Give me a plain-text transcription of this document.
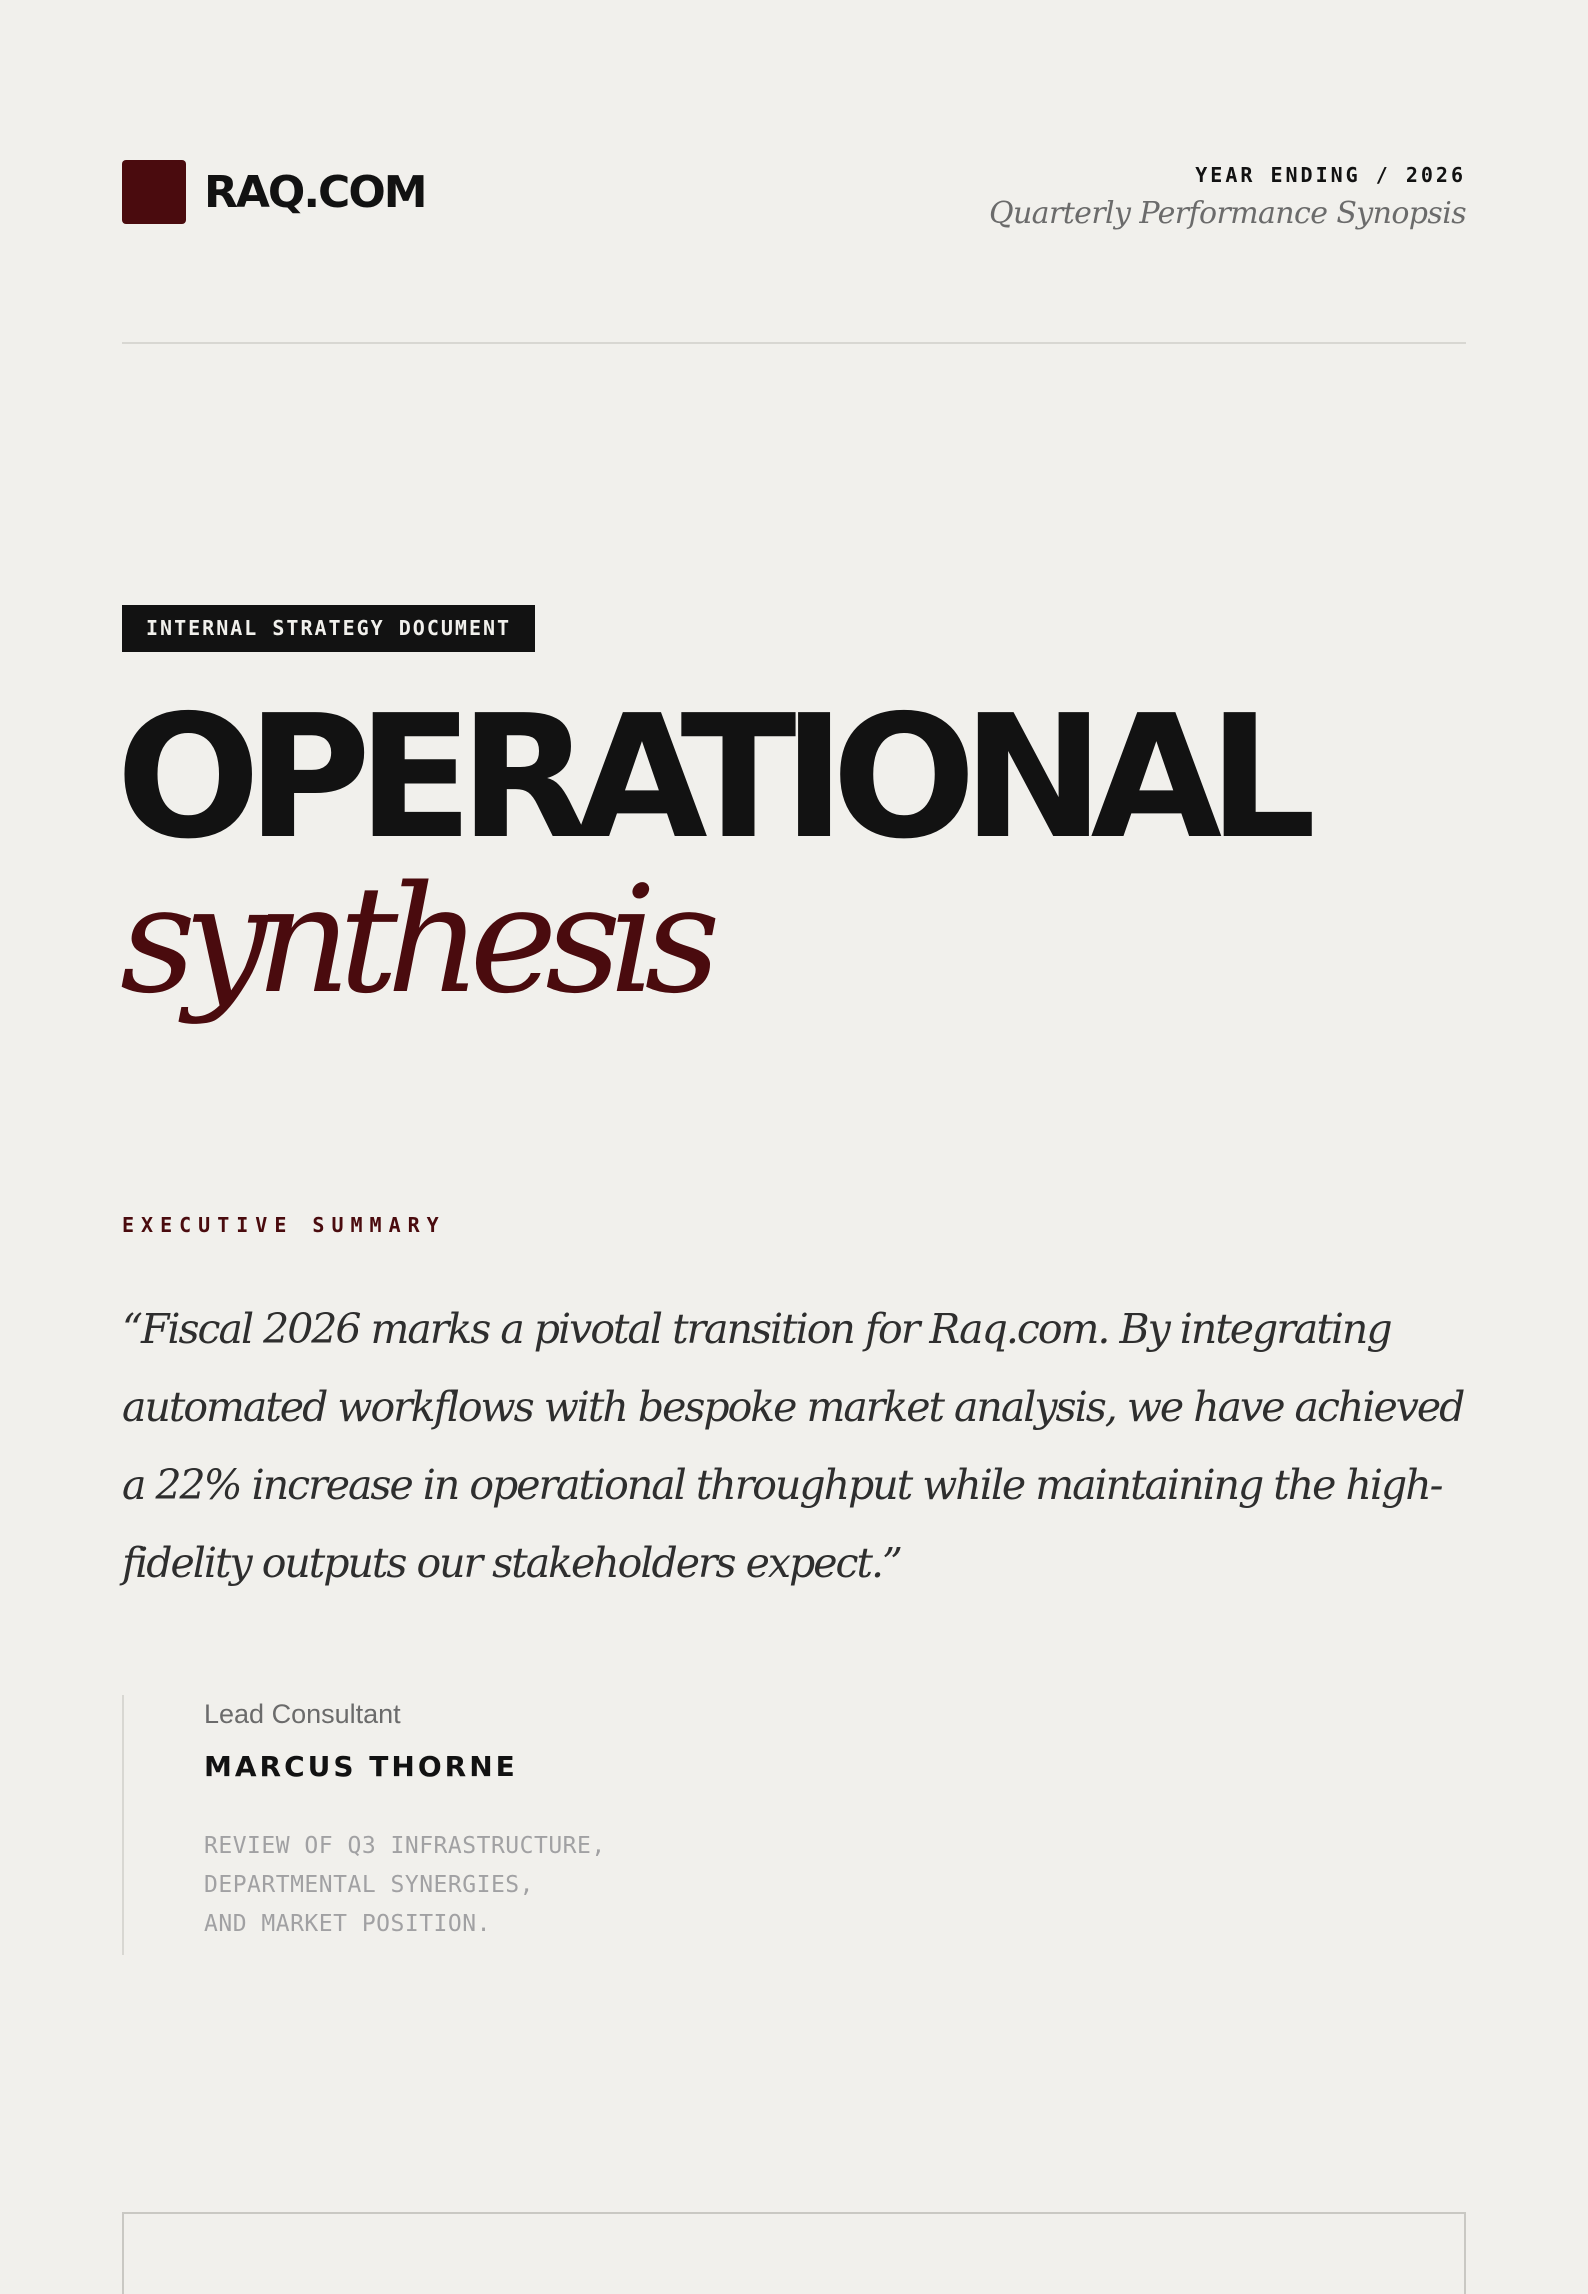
RAQ.COM	YEAR ENDING / 2026
Quarterly Performance Synopsis
INTERNAL STRATEGY DOCUMENT
OPERATIONAL
synthesis
EXECUTIVE SUMMARY

“Fiscal 2026 marks a pivotal transition for Raq.com. By integrating automated workflows with bespoke market analysis, we have achieved a 22% increase in operational throughput while maintaining the high-fidelity outputs our stakeholders expect.”

Lead Consultant
MARCUS THORNE
REVIEW OF Q3 INFRASTRUCTURE,
DEPARTMENTAL SYNERGIES,
AND MARKET POSITION.
